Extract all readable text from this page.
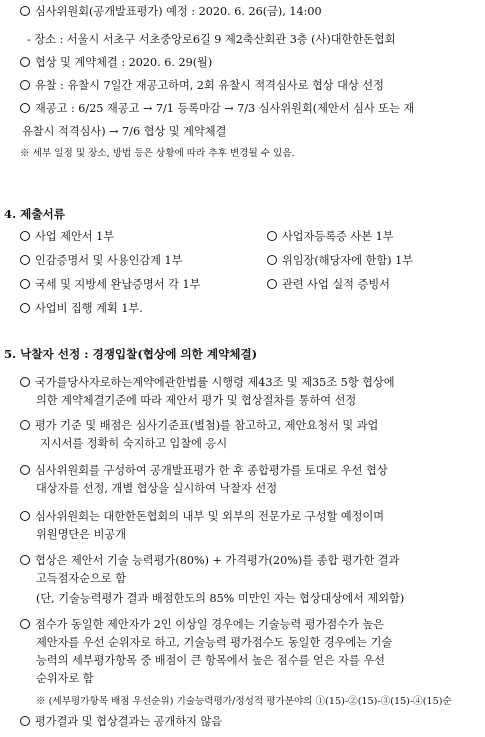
심사위원회(공개발표평가) 예정 : 2020. 6. 26(금), 14:00
- 장소 : 서울시 서초구 서초중앙로6길 9 제2축산회관 3층 (사)대한한돈협회
협상 및 계약체결 : 2020. 6. 29(월)
유찰 : 유찰시 7일간 재공고하며, 2회 유찰시 적격심사로 협상 대상 선정
재공고 : 6/25 재공고 → 7/1 등록마감 → 7/3 심사위원회(제안서 심사 또는 재
유찰시 적격심사) → 7/6 협상 및 계약체결
※ 세부 일정 및 장소, 방법 등은 상황에 따라 추후 변경될 수 있음.
4. 제출서류
사업 제안서 1부	사업자등록증 사본 1부
인감증명서 및 사용인감계 1부	위임장(해당자에 한함) 1부
국세 및 지방세 완납증명서 각 1부	관련 사업 실적 증빙서
사업비 집행 계획 1부.
5. 낙찰자 선정 : 경쟁입찰(협상에 의한 계약체결)
국가를당사자로하는계약에관한법률 시행령 제43조 및 제35조 5항 협상에
의한 계약체결기준에 따라 제안서 평가 및 협상절차를 통하여 선정
평가 기준 및 배점은 심사기준표(별첨)를 참고하고, 제안요청서 및 과업
지시서를 정확히 숙지하고 입찰에 응시
심사위원회를 구성하여 공개발표평가 한 후 종합평가를 토대로 우선 협상
대상자를 선정, 개별 협상을 실시하여 낙찰자 선정
심사위원회는 대한한돈협회의 내부 및 외부의 전문가로 구성할 예정이며
위원명단은 비공개
협상은 제안서 기술 능력평가(80%) + 가격평가(20%)를 종합 평가한 결과
고득점자순으로 함
(단, 기술능력평가 결과 배점한도의 85% 미만인 자는 협상대상에서 제외함)
점수가 동일한 제안자가 2인 이상일 경우에는 기술능력 평가점수가 높은
제안자를 우선 순위자로 하고, 기술능력 평가점수도 동일한 경우에는 기술
능력의 세부평가항목 중 배점이 큰 항목에서 높은 점수를 얻은 자를 우선
순위자로 함
※ (세부평가항목 배점 우선순위) 기술능력평가/정성적 평가분야의 ①(15)-②(15)-③(15)-④(15)순
평가결과 및 협상결과는 공개하지 않음
